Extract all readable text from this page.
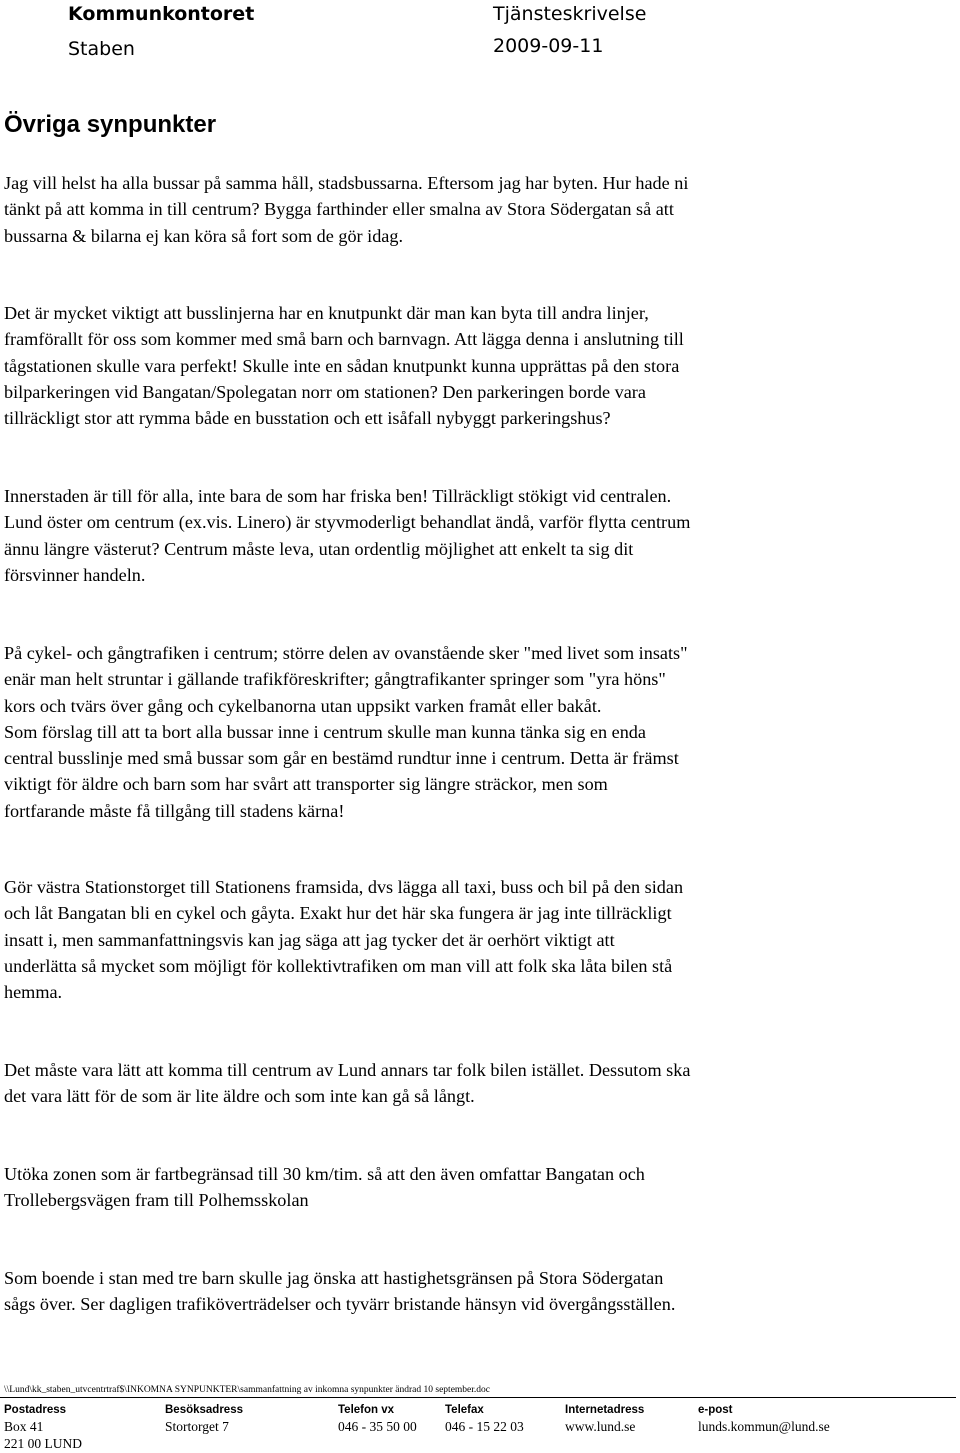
Kommunkontoret
Staben
Tjänsteskrivelse
2009-09-11
Övriga synpunkter
Jag vill helst ha alla bussar på samma håll, stadsbussarna. Eftersom jag har byten. Hur hade ni
tänkt på att komma in till centrum? Bygga farthinder eller smalna av Stora Södergatan så att
bussarna & bilarna ej kan köra så fort som de gör idag.
Det är mycket viktigt att busslinjerna har en knutpunkt där man kan byta till andra linjer,
framförallt för oss som kommer med små barn och barnvagn. Att lägga denna i anslutning till
tågstationen skulle vara perfekt! Skulle inte en sådan knutpunkt kunna upprättas på den stora
bilparkeringen vid Bangatan/Spolegatan norr om stationen? Den parkeringen borde vara
tillräckligt stor att rymma både en busstation och ett isåfall nybyggt parkeringshus?
Innerstaden är till för alla, inte bara de som har friska ben! Tillräckligt stökigt vid centralen.
Lund öster om centrum (ex.vis. Linero) är styvmoderligt behandlat ändå, varför flytta centrum
ännu längre västerut? Centrum måste leva, utan ordentlig möjlighet att enkelt ta sig dit
försvinner handeln.
På cykel- och gångtrafiken i centrum; större delen av ovanstående sker "med livet som insats"
enär man helt struntar i gällande trafikföreskrifter; gångtrafikanter springer som "yra höns"
kors och tvärs över gång och cykelbanorna utan uppsikt varken framåt eller bakåt.
Som förslag till att ta bort alla bussar inne i centrum skulle man kunna tänka sig en enda
central busslinje med små bussar som går en bestämd rundtur inne i centrum. Detta är främst
viktigt för äldre och barn som har svårt att transporter sig längre sträckor, men som
fortfarande måste få tillgång till stadens kärna!
Gör västra Stationstorget till Stationens framsida, dvs lägga all taxi, buss och bil på den sidan
och låt Bangatan bli en cykel och gåyta. Exakt hur det här ska fungera är jag inte tillräckligt
insatt i, men sammanfattningsvis kan jag säga att jag tycker det är oerhört viktigt att
underlätta så mycket som möjligt för kollektivtrafiken om man vill att folk ska låta bilen stå
hemma.
Det måste vara lätt att komma till centrum av Lund annars tar folk bilen istället. Dessutom ska
det vara lätt för de som är lite äldre och som inte kan gå så långt.
Utöka zonen som är fartbegränsad till 30 km/tim. så att den även omfattar Bangatan och
Trollebergsvägen fram till Polhemsskolan
Som boende i stan med tre barn skulle jag önska att hastighetsgränsen på Stora Södergatan
sågs över. Ser dagligen trafiköverträdelser och tyvärr bristande hänsyn vid övergångsställen.
\\Lund\kk_staben_utvcentrtraf$\INKOMNA SYNPUNKTER\sammanfattning av inkomna synpunkter ändrad 10 september.doc
Postadress
Box 41
221 00 LUND
Besöksadress
Stortorget 7
Telefon vx
046 - 35 50 00
Telefax
046 - 15 22 03
Internetadress
www.lund.se
e-post
lunds.kommun@lund.se
